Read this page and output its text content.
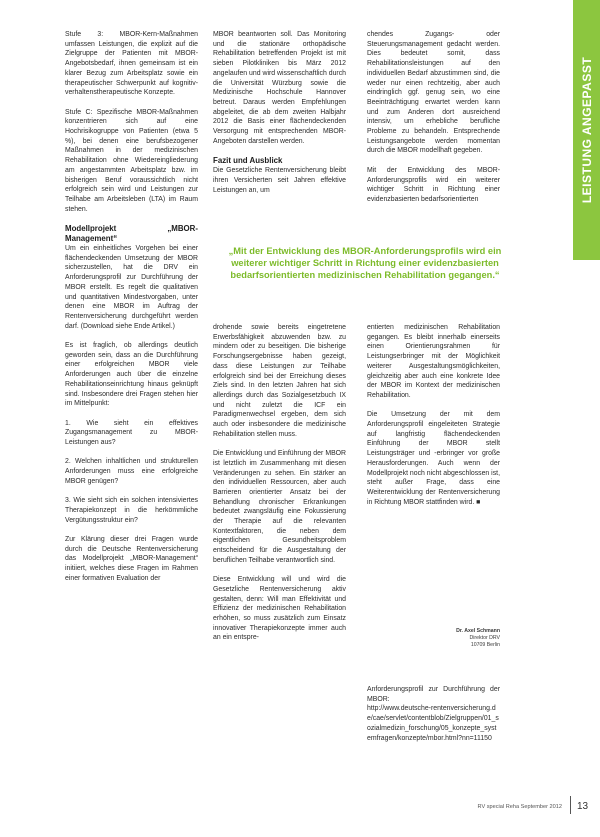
LEISTUNG ANGEPASST

Stufe 3: MBOR-Kern-Maßnahmen umfassen Leistungen, die explizit auf die Zielgruppe der Patienten mit MBOR-Angebotsbedarf, ihnen gemeinsam ist ein klarer Bezug zum Arbeitsplatz sowie ein therapeutischer Schwerpunkt auf kognitiv-verhaltenstherapeutische Konzepte.

Stufe C: Spezifische MBOR-Maßnahmen konzentrieren sich auf eine Hochrisikogruppe von Patienten (etwa 5 %), bei denen eine berufsbezogener Maßnahmen in der medizinischen Rehabilitation ohne Wiedereingliederung am angestammten Arbeitsplatz bzw. im bisherigen Beruf voraussichtlich nicht erfolgreich sein wird und Leistungen zur Teilhabe am Arbeitsleben (LTA) im Raum stehen.

Modellprojekt „MBOR-Management“

Um ein einheitliches Vorgehen bei einer flächendeckenden Umsetzung der MBOR sicherzustellen, hat die DRV ein Anforderungsprofil zur Durchführung der MBOR erstellt. Es regelt die qualitativen und quantitativen Mindestvorgaben, unter denen eine MBOR im Auftrag der Rentenversicherung durchgeführt werden darf. (Download siehe Ende Artikel.)

Es ist fraglich, ob allerdings deutlich geworden sein, dass an die Durchführung einer erfolgreichen MBOR viele Anforderungen auch über die einzelne Rehabilitationseinrichtung hinaus geknüpft sind. Insbesondere drei Fragen stehen hier im Mittelpunkt:

1. Wie sieht ein effektives Zugangsmanagement zu MBOR-Leistungen aus?

2. Welchen inhaltlichen und strukturellen Anforderungen muss eine erfolgreiche MBOR genügen?

3. Wie sieht sich ein solchen intensiviertes Therapiekonzept in die herkömmliche Vergütungsstruktur ein?

Zur Klärung dieser drei Fragen wurde durch die Deutsche Rentenversicherung das Modellprojekt „MBOR-Management“ initiiert, welches diese Fragen im Rahmen einer formativen Evaluation der

MBOR beantworten soll. Das Monitoring und die stationäre orthopädische Rehabilitation betreffenden Projekt ist mit sieben Pilotkliniken bis März 2012 angelaufen und wird wissenschaftlich durch die Universität Würzburg sowie die Medizinische Hochschule Hannover betreut. Daraus werden Empfehlungen abgeleitet, die ab dem zweiten Halbjahr 2012 die Basis einer flächendeckenden Versorgung mit entsprechenden MBOR-Angeboten darstellen werden.

Fazit und Ausblick

Die Gesetzliche Rentenversicherung bleibt ihren Versicherten seit Jahren effektive Leistungen an, um

chendes Zugangs- oder Steuerungsmanagement gedacht werden. Dies bedeutet somit, dass Rehabilitationsleistungen auf den individuellen Bedarf abzustimmen sind, die weder nur einen rechtzeitig, aber auch eindringlich ggf. genug sein, wo eine Beeinträchtigung erwartet werden kann und zum Anderen dort ausreichend intensiv, um erhebliche berufliche Probleme zu behandeln. Entsprechende Leistungsangebote werden momentan durch die MBOR modellhaft gegeben.

Mit der Entwicklung des MBOR-Anforderungsprofils wird ein weiterer wichtiger Schritt in Richtung einer evidenzbasierten bedarfsorientierten

„Mit der Entwicklung des MBOR-Anforderungsprofils wird ein weiterer wichtiger Schritt in Richtung einer evidenzbasierten bedarfsorientierten medizinischen Rehabilitation gegangen.“

drohende sowie bereits eingetretene Erwerbsfähigkeit abzuwenden bzw. zu mindern oder zu beseitigen. Die bisherige Forschungsergebnisse haben gezeigt, dass diese Leistungen zur Teilhabe erfolgreich sind bei der Erreichung dieses Ziels sind. In den letzten Jahren hat sich allerdings durch das Sozialgesetzbuch IX und nicht zuletzt die ICF ein Paradigmenwechsel ergeben, dem sich auch oder insbesondere die medizinische Rehabilitation stellen muss.

Die Entwicklung und Einführung der MBOR ist letztlich im Zusammenhang mit diesen Veränderungen zu sehen. Ein stärker an den individuellen Ressourcen, aber auch Barrieren orientierter Ansatz bei der Behandlung chronischer Erkrankungen bedeutet zwangsläufig eine Fokussierung der Therapie auf die relevanten Kontextfaktoren, die neben dem eigentlichen Gesundheitsproblem entscheidend für die Ausgestaltung der beruflichen Teilhabe verantwortlich sind.

Diese Entwicklung will und wird die Gesetzliche Rentenversicherung aktiv gestalten, denn: Will man Effektivität und Effizienz der medizinischen Rehabilitation erhöhen, so muss zusätzlich zum Einsatz innovativer Therapiekonzepte immer auch an ein entspre-

entierten medizinischen Rehabilitation gegangen. Es bleibt innerhalb einerseits einen Orientierungsrahmen für Leistungserbringer mit der Möglichkeit weiterer Ausgestaltungsmöglichkeiten, gleichzeitig aber auch eine konkrete Idee der MBOR im Kontext der medizinischen Rehabilitation.

Die Umsetzung der mit dem Anforderungsprofil eingeleiteten Strategie auf langfristig flächendeckenden Einführung der MBOR stellt Leistungsträger und -erbringer vor große Herausforderungen. Auch wenn der Modellprojekt noch nicht abgeschlossen ist, steht außer Frage, dass eine Weiterentwicklung der Rentenversicherung in Richtung MBOR stattfinden wird. ■

Dr. Axel Schmann
Direktor DRV
10709 Berlin

Anforderungsprofil zur Durchführung der MBOR:

http://www.deutsche-rentenversicherung.de/cae/servlet/contentblob/Zielgruppen/01_sozialmedizin_forschung/05_konzepte_systemfragen/konzepte/mbor.html?nn=11150

RV special Reha September 2012 13
